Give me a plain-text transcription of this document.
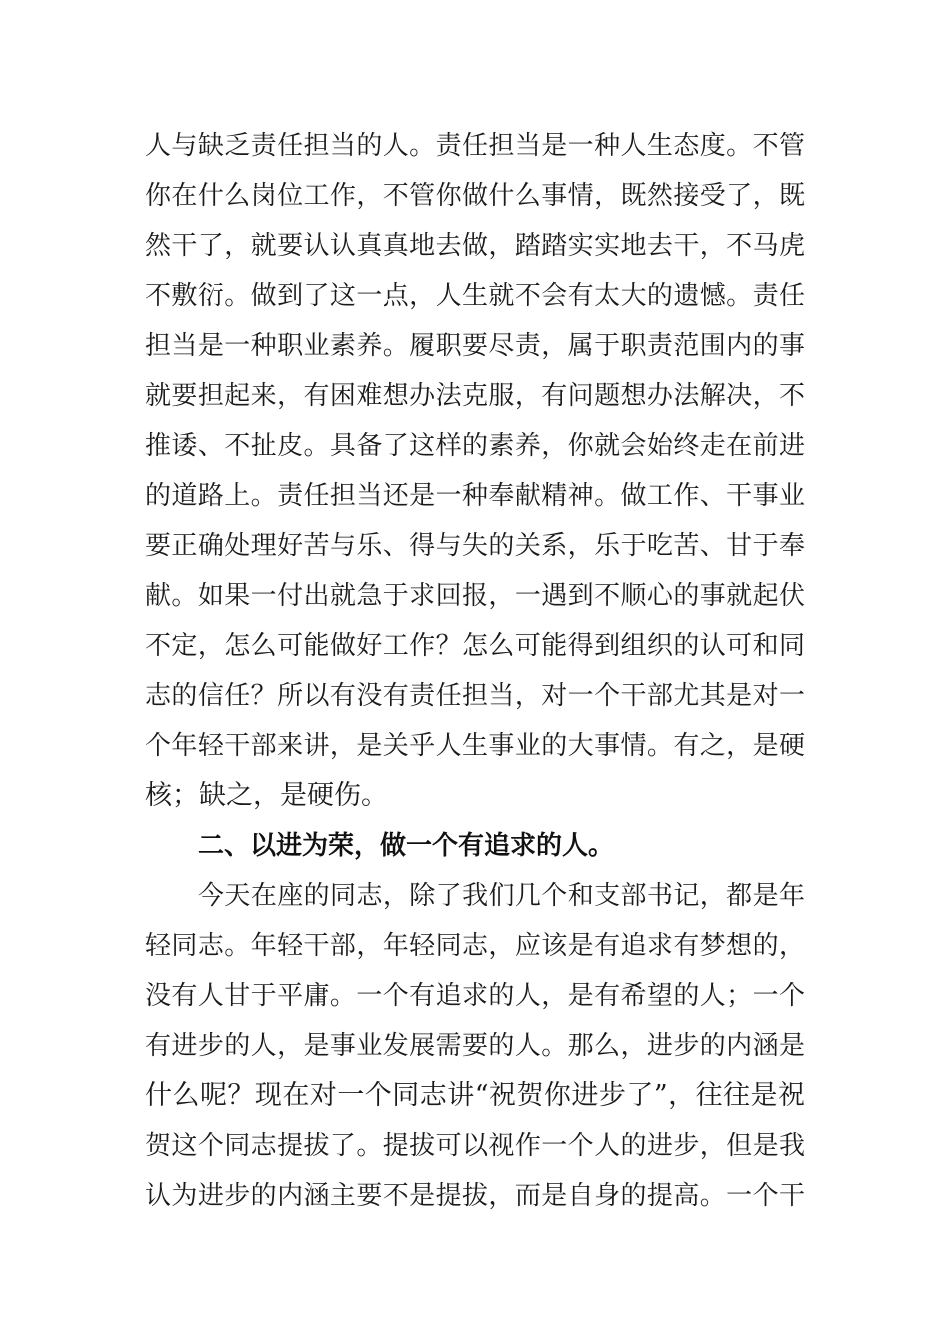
人与缺乏责任担当的人。责任担当是一种人生态度。不管
你在什么岗位工作，不管你做什么事情，既然接受了，既
然干了，就要认认真真地去做，踏踏实实地去干，不马虎
不敷衍。做到了这一点，人生就不会有太大的遗憾。责任
担当是一种职业素养。履职要尽责，属于职责范围内的事
就要担起来，有困难想办法克服，有问题想办法解决，不
推诿、不扯皮。具备了这样的素养，你就会始终走在前进
的道路上。责任担当还是一种奉献精神。做工作、干事业
要正确处理好苦与乐、得与失的关系，乐于吃苦、甘于奉
献。如果一付出就急于求回报，一遇到不顺心的事就起伏
不定，怎么可能做好工作？怎么可能得到组织的认可和同
志的信任？所以有没有责任担当，对一个干部尤其是对一
个年轻干部来讲，是关乎人生事业的大事情。有之，是硬
核；缺之，是硬伤。
二、以进为荣，做一个有追求的人。
今天在座的同志，除了我们几个和支部书记，都是年
轻同志。年轻干部，年轻同志，应该是有追求有梦想的，
没有人甘于平庸。一个有追求的人，是有希望的人；一个
有进步的人，是事业发展需要的人。那么，进步的内涵是
什么呢？现在对一个同志讲“祝贺你进步了”，往往是祝
贺这个同志提拔了。提拔可以视作一个人的进步，但是我
认为进步的内涵主要不是提拔，而是自身的提高。一个干
